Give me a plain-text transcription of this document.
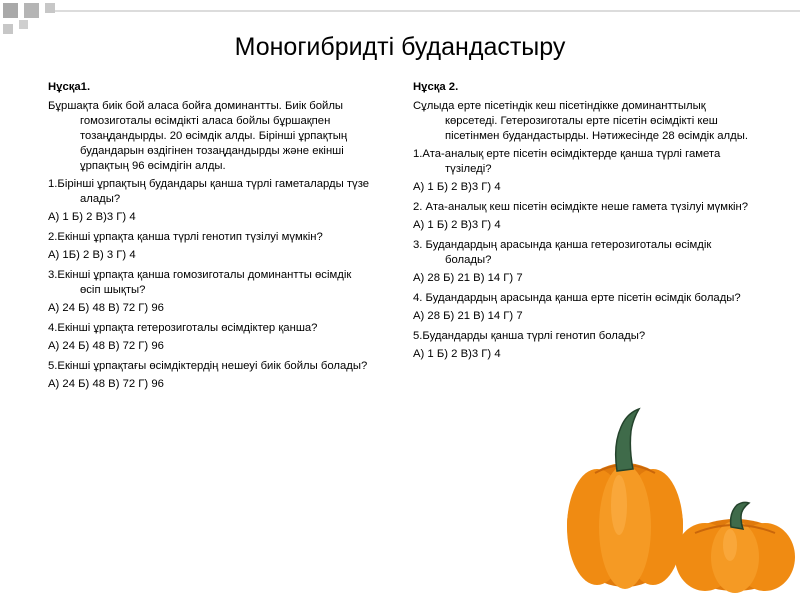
Моногибридті будандастыру

Нұсқа1.

Бұршақта биік бой аласа бойға доминантты. Биік бойлы гомозиготалы өсімдікті аласа бойлы бұршақпен тозаңдандырды. 20 өсімдік алды. Бірінші ұрпақтың будандарын өздігінен тозаңдандырды және екінші ұрпақтың 96 өсімдігін алды.

1.Бірінші ұрпақтың будандары қанша түрлі гаметаларды түзе алады?

А) 1 Б) 2 В)3 Г) 4

2.Екінші ұрпақта қанша түрлі генотип түзілуі мүмкін?

А) 1Б) 2 В) 3 Г) 4

3.Екінші ұрпақта қанша гомозиготалы доминантты өсімдік өсіп шықты?

А) 24 Б) 48 В) 72 Г) 96

4.Екінші ұрпақта гетерозиготалы өсімдіктер қанша?

А) 24 Б) 48 В) 72 Г) 96

5.Екінші ұрпақтағы өсімдіктердің нешеуі биік бойлы болады?

А) 24 Б) 48 В) 72 Г) 96

Нұсқа 2.

Сұлыда ерте пісетіндік кеш пісетіндікке доминанттылық көрсетеді. Гетерозиготалы ерте пісетін өсімдікті кеш пісетінмен будандастырды. Нәтижесінде 28 өсімдік алды.

1.Ата-аналық ерте пісетін өсімдіктерде қанша түрлі гамета түзіледі?

А) 1 Б) 2 В)3 Г) 4

2. Ата-аналық кеш пісетін өсімдікте неше гамета түзілуі мүмкін?

А) 1 Б) 2 В)3 Г) 4

3. Будандардың арасында қанша гетерозиготалы өсімдік болады?

А) 28 Б) 21 В) 14 Г) 7

4. Будандардың арасында қанша ерте пісетін өсімдік болады?

А) 28 Б) 21 В) 14 Г) 7

5.Будандарды қанша түрлі генотип болады?

А) 1 Б) 2 В)3 Г) 4
